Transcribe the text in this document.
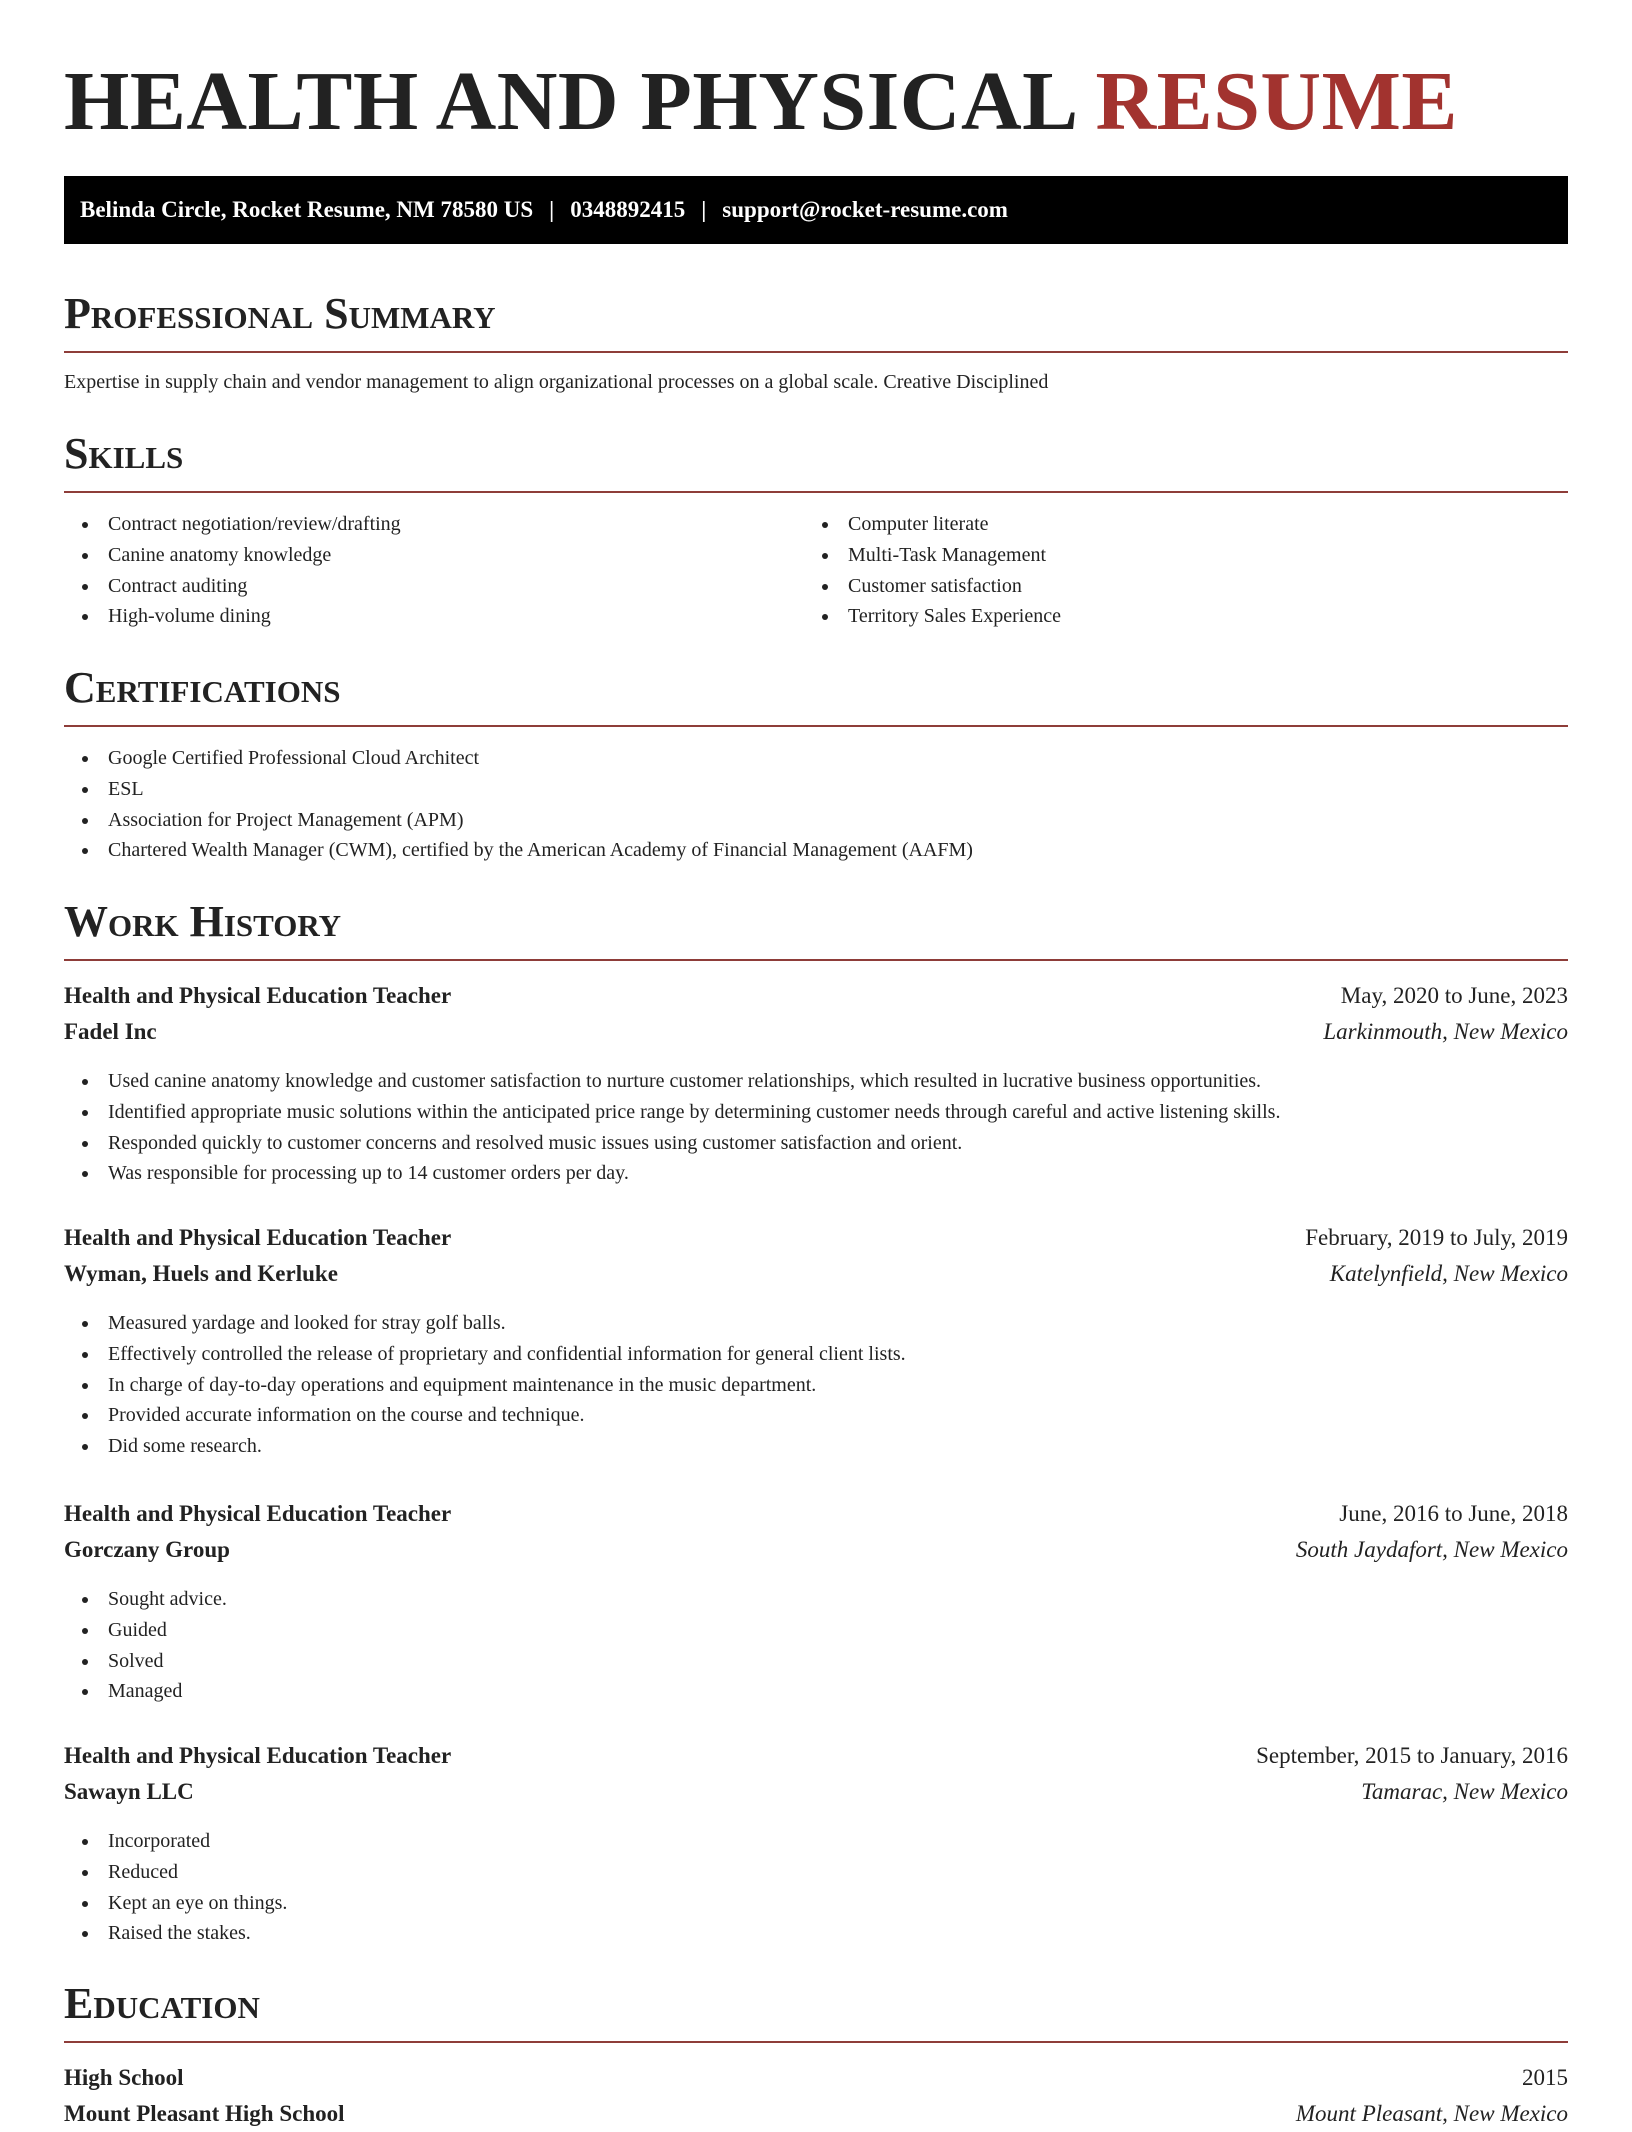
HEALTH AND PHYSICAL RESUME
Belinda Circle, Rocket Resume, NM 78580 US | 0348892415 | support@rocket-resume.com
Professional Summary

Expertise in supply chain and vendor management to align organizational processes on a global scale. Creative Disciplined

Skills
Contract negotiation/review/drafting
Canine anatomy knowledge
Contract auditing
High-volume dining
Computer literate
Multi-Task Management
Customer satisfaction
Territory Sales Experience
Certifications
Google Certified Professional Cloud Architect
ESL
Association for Project Management (APM)
Chartered Wealth Manager (CWM), certified by the American Academy of Financial Management (AAFM)
Work History
Health and Physical Education Teacher	May, 2020 to June, 2023
Fadel Inc	Larkinmouth, New Mexico
Used canine anatomy knowledge and customer satisfaction to nurture customer relationships, which resulted in lucrative business opportunities.
Identified appropriate music solutions within the anticipated price range by determining customer needs through careful and active listening skills.
Responded quickly to customer concerns and resolved music issues using customer satisfaction and orient.
Was responsible for processing up to 14 customer orders per day.
Health and Physical Education Teacher	February, 2019 to July, 2019
Wyman, Huels and Kerluke	Katelynfield, New Mexico
Measured yardage and looked for stray golf balls.
Effectively controlled the release of proprietary and confidential information for general client lists.
In charge of day-to-day operations and equipment maintenance in the music department.
Provided accurate information on the course and technique.
Did some research.
Health and Physical Education Teacher	June, 2016 to June, 2018
Gorczany Group	South Jaydafort, New Mexico
Sought advice.
Guided
Solved
Managed
Health and Physical Education Teacher	September, 2015 to January, 2016
Sawayn LLC	Tamarac, New Mexico
Incorporated
Reduced
Kept an eye on things.
Raised the stakes.
Education
High School	2015
Mount Pleasant High School	Mount Pleasant, New Mexico
